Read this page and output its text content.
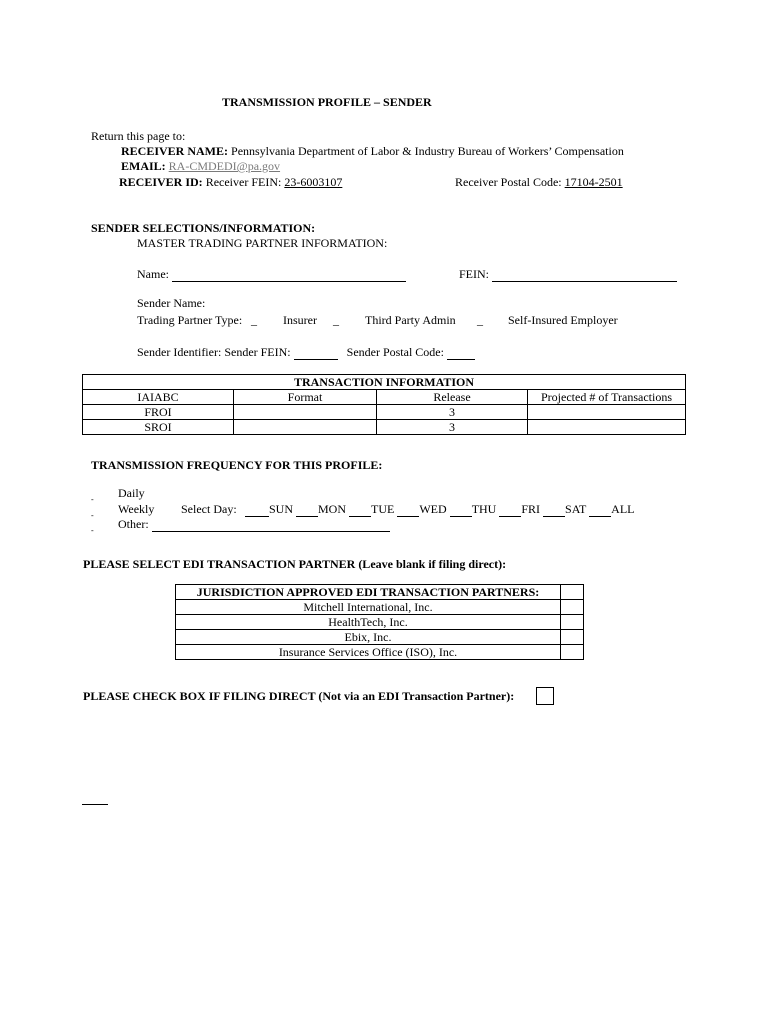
TRANSMISSION PROFILE – SENDER
Return this page to:
RECEIVER NAME: Pennsylvania Department of Labor & Industry Bureau of Workers’ Compensation
EMAIL: RA-CMDEDI@pa.gov
RECEIVER ID: Receiver FEIN: 23-6003107	Receiver Postal Code: 17104-2501
SENDER SELECTIONS/INFORMATION:
MASTER TRADING PARTNER INFORMATION:
Name:	FEIN:
Sender Name:
Trading Partner Type: _ Insurer _ Third Party Admin _ Self-Insured Employer
Sender Identifier: Sender FEIN:	Sender Postal Code:
TRANSACTION INFORMATION			
IAIABC	Format	Release	Projected # of Transactions
FROI		3	
SROI		3	
TRANSMISSION FREQUENCY FOR THIS PROFILE:
- Daily
- Weekly Select Day:	SUN MON TUE WED THU FRI SAT ALL
- Other:
PLEASE SELECT EDI TRANSACTION PARTNER (Leave blank if filing direct):
JURISDICTION APPROVED EDI TRANSACTION PARTNERS:	
Mitchell International, Inc.	
HealthTech, Inc.	
Ebix, Inc.	
Insurance Services Office (ISO), Inc.	
PLEASE CHECK BOX IF FILING DIRECT (Not via an EDI Transaction Partner):
